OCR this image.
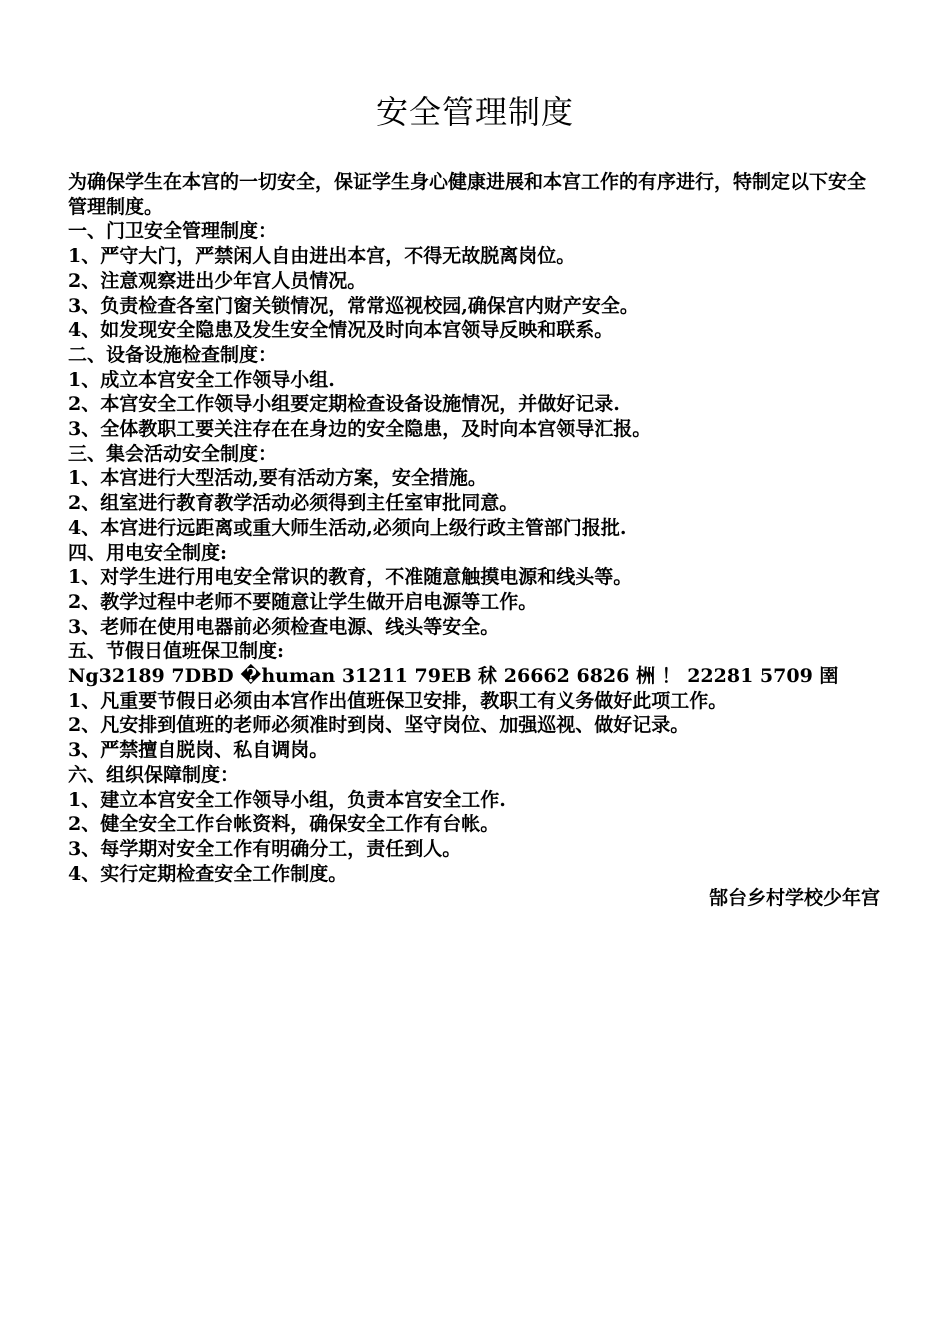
安全管理制度
为确保学生在本宫的一切安全，保证学生身心健康进展和本宫工作的有序进行，特制定以下安全管理制度。
一、门卫安全管理制度：
1、严守大门，严禁闲人自由进出本宫，不得无故脱离岗位。
2、注意观察进出少年宫人员情况。
3、负责检查各室门窗关锁情况，常常巡视校园,确保宫内财产安全。
4、如发现安全隐患及发生安全情况及时向本宫领导反映和联系。
二、设备设施检查制度：
1、成立本宫安全工作领导小组.
2、本宫安全工作领导小组要定期检查设备设施情况，并做好记录.
3、全体教职工要关注存在在身边的安全隐患，及时向本宫领导汇报。
三、集会活动安全制度：
1、本宫进行大型活动,要有活动方案，安全措施。
2、组室进行教育教学活动必须得到主任室审批同意。
4、本宫进行远距离或重大师生活动,必须向上级行政主管部门报批.
四、用电安全制度:
1、对学生进行用电安全常识的教育，不准随意触摸电源和线头等。
2、教学过程中老师不要随意让学生做开启电源等工作。
3、老师在使用电器前必须检查电源、线头等安全。
五、节假日值班保卫制度:
Ng32189 7DBD �human 31211 79EB 秫 26662 6826 栦 ！ 22281 5709 圉
1、凡重要节假日必须由本宫作出值班保卫安排，教职工有义务做好此项工作。
2、凡安排到值班的老师必须准时到岗、坚守岗位、加强巡视、做好记录。
3、严禁擅自脱岗、私自调岗。
六、组织保障制度：
1、建立本宫安全工作领导小组，负责本宫安全工作.
2、健全安全工作台帐资料，确保安全工作有台帐。
3、每学期对安全工作有明确分工，责任到人。
4、实行定期检查安全工作制度。
郜台乡村学校少年宫
